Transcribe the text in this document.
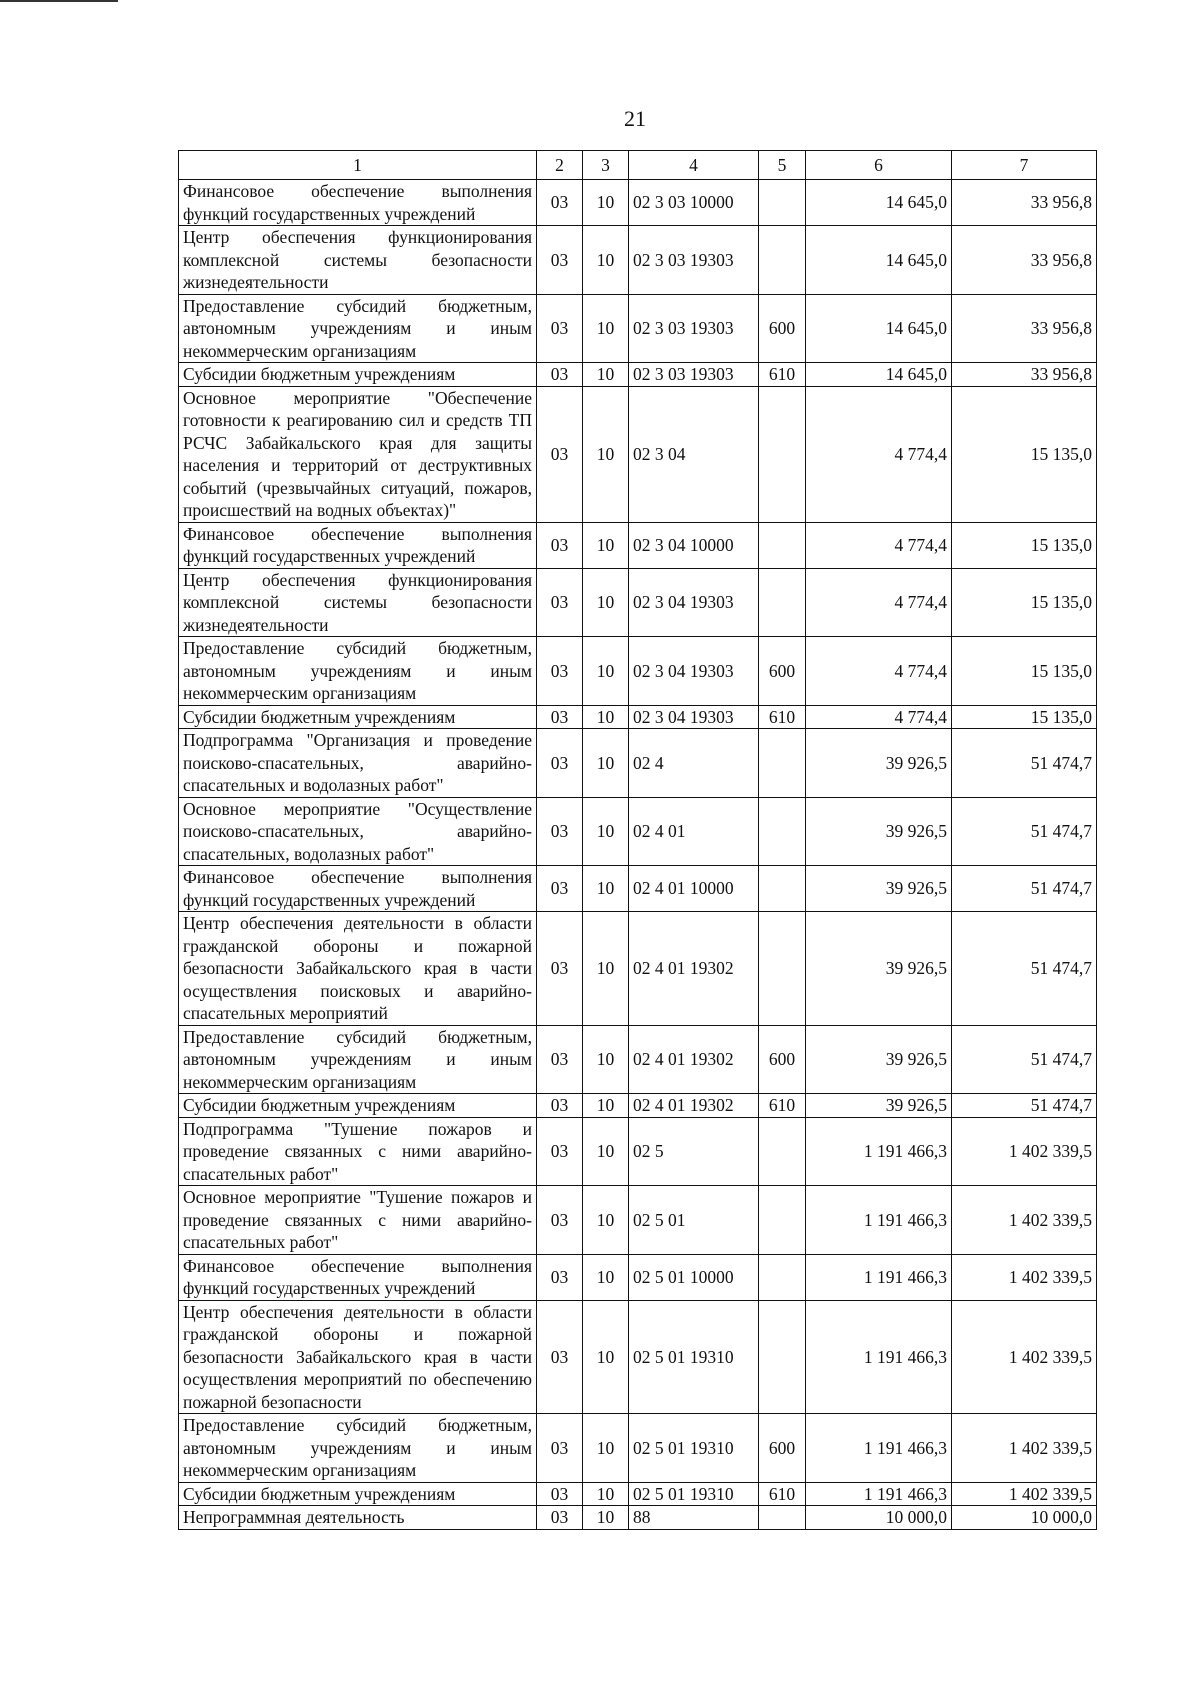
21
1	2	3	4	5	6	7
Финансовое обеспечение выполнения функций государственных учреждений	03	10	02 3 03 10000		14 645,0	33 956,8
Центр обеспечения функционирования комплексной системы безопасности жизнедеятельности	03	10	02 3 03 19303		14 645,0	33 956,8
Предоставление субсидий бюджетным, автономным учреждениям и иным некоммерческим организациям	03	10	02 3 03 19303	600	14 645,0	33 956,8
Субсидии бюджетным учреждениям	03	10	02 3 03 19303	610	14 645,0	33 956,8
Основное мероприятие "Обеспечение готовности к реагированию сил и средств ТП РСЧС Забайкальского края для защиты населения и территорий от деструктивных событий (чрезвычайных ситуаций, пожаров, происшествий на водных объектах)"	03	10	02 3 04		4 774,4	15 135,0
Финансовое обеспечение выполнения функций государственных учреждений	03	10	02 3 04 10000		4 774,4	15 135,0
Центр обеспечения функционирования комплексной системы безопасности жизнедеятельности	03	10	02 3 04 19303		4 774,4	15 135,0
Предоставление субсидий бюджетным, автономным учреждениям и иным некоммерческим организациям	03	10	02 3 04 19303	600	4 774,4	15 135,0
Субсидии бюджетным учреждениям	03	10	02 3 04 19303	610	4 774,4	15 135,0
Подпрограмма "Организация и проведение поисково-спасательных, аварийно-спасательных и водолазных работ"	03	10	02 4		39 926,5	51 474,7
Основное мероприятие "Осуществление поисково-спасательных, аварийно-спасательных, водолазных работ"	03	10	02 4 01		39 926,5	51 474,7
Финансовое обеспечение выполнения функций государственных учреждений	03	10	02 4 01 10000		39 926,5	51 474,7
Центр обеспечения деятельности в области гражданской обороны и пожарной безопасности Забайкальского края в части осуществления поисковых и аварийно-спасательных мероприятий	03	10	02 4 01 19302		39 926,5	51 474,7
Предоставление субсидий бюджетным, автономным учреждениям и иным некоммерческим организациям	03	10	02 4 01 19302	600	39 926,5	51 474,7
Субсидии бюджетным учреждениям	03	10	02 4 01 19302	610	39 926,5	51 474,7
Подпрограмма "Тушение пожаров и проведение связанных с ними аварийно-спасательных работ"	03	10	02 5		1 191 466,3	1 402 339,5
Основное мероприятие "Тушение пожаров и проведение связанных с ними аварийно-спасательных работ"	03	10	02 5 01		1 191 466,3	1 402 339,5
Финансовое обеспечение выполнения функций государственных учреждений	03	10	02 5 01 10000		1 191 466,3	1 402 339,5
Центр обеспечения деятельности в области гражданской обороны и пожарной безопасности Забайкальского края в части осуществления мероприятий по обеспечению пожарной безопасности	03	10	02 5 01 19310		1 191 466,3	1 402 339,5
Предоставление субсидий бюджетным, автономным учреждениям и иным некоммерческим организациям	03	10	02 5 01 19310	600	1 191 466,3	1 402 339,5
Субсидии бюджетным учреждениям	03	10	02 5 01 19310	610	1 191 466,3	1 402 339,5
Непрограммная деятельность	03	10	88		10 000,0	10 000,0
